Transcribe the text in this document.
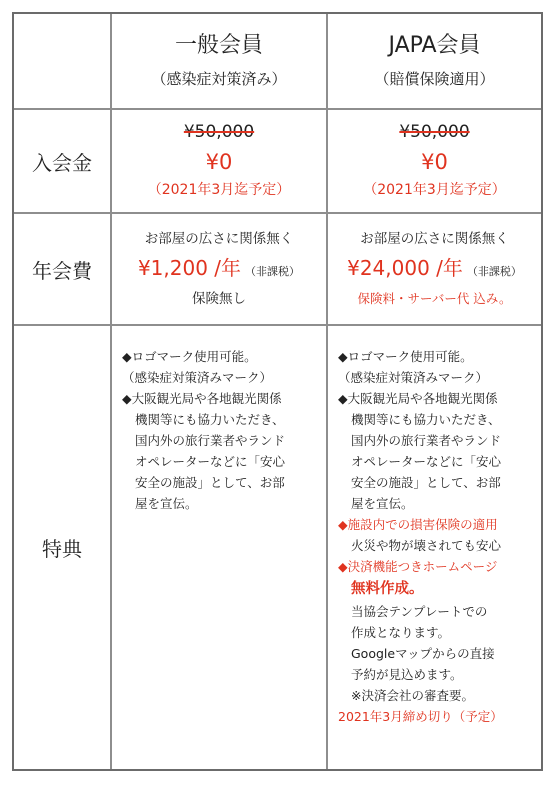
一般会員
（感染症対策済み）
JAPA会員
（賠償保険適用）
入会金
¥50,000
¥0
（2021年3月迄予定）
¥50,000
¥0
（2021年3月迄予定）
年会費
お部屋の広さに関係無く
¥1,200 /年 （非課税）
保険無し
お部屋の広さに関係無く
¥24,000 /年 （非課税）
保険料・サーバー代 込み。
特典
◆ロゴマーク使用可能。
（感染症対策済みマーク）
◆大阪観光局や各地観光関係
機関等にも協力いただき、
国内外の旅行業者やランド
オペレーターなどに「安心
安全の施設」として、お部
屋を宣伝。
◆ロゴマーク使用可能。
（感染症対策済みマーク）
◆大阪観光局や各地観光関係
機関等にも協力いただき、
国内外の旅行業者やランド
オペレーターなどに「安心
安全の施設」として、お部
屋を宣伝。
◆施設内での損害保険の適用
火災や物が壊されても安心
◆決済機能つきホームページ
無料作成。
当協会テンプレートでの
作成となります。
Googleマップからの直接
予約が見込めます。
※決済会社の審査要。
2021年3月締め切り（予定）
